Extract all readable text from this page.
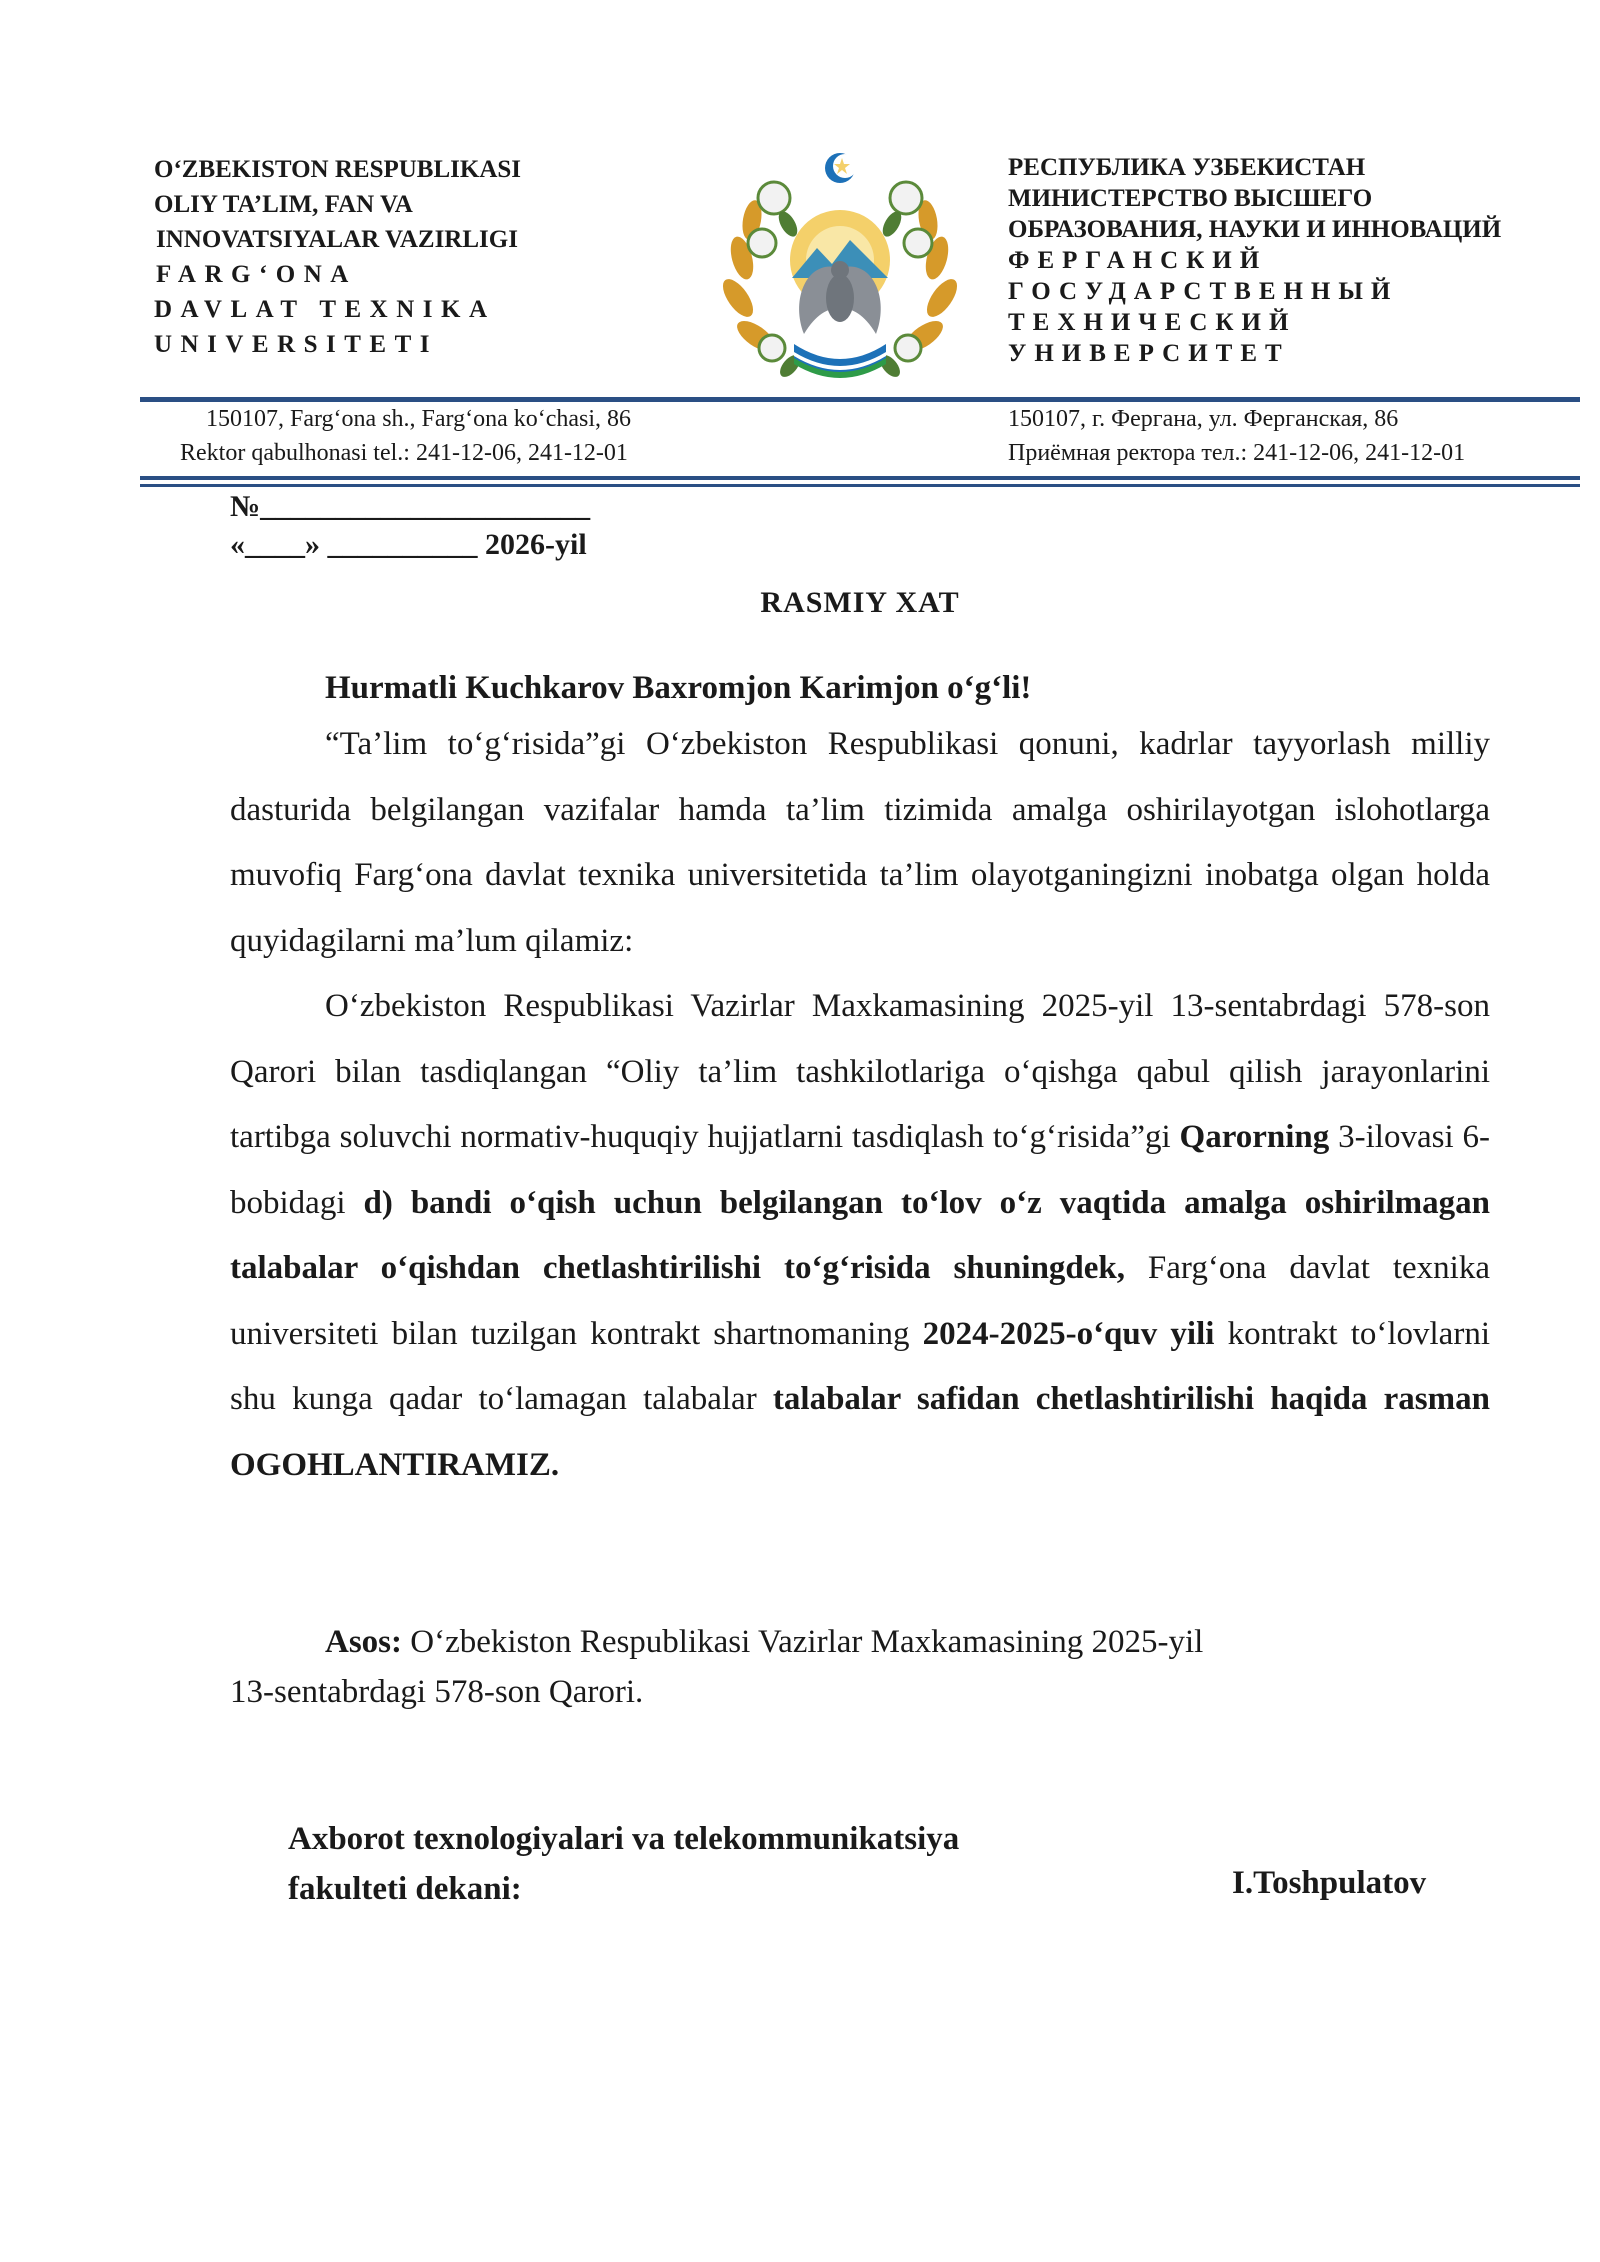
O‘ZBEKISTON RESPUBLIKASI
OLIY TA’LIM, FAN VA
INNOVATSIYALAR VAZIRLIGI
FARG‘ONA
DAVLAT TEXNIKA
UNIVERSITETI
РЕСПУБЛИКА УЗБЕКИСТАН
МИНИСТЕРСТВО ВЫСШЕГО
ОБРАЗОВАНИЯ, НАУКИ И ИННОВАЦИЙ
ФЕРГАНСКИЙ
ГОСУДАРСТВЕННЫЙ
ТЕХНИЧЕСКИЙ
УНИВЕРСИТЕТ
150107, Farg‘ona sh., Farg‘ona ko‘chasi, 86
Rektor qabulhonasi tel.: 241-12-06, 241-12-01
150107, г. Фергана, ул. Ферганская, 86
Приёмная ректора тел.: 241-12-06, 241-12-01
№______________________
«____» __________ 2026-yil
RASMIY XAT
Hurmatli Kuchkarov Baxromjon Karimjon o‘g‘li!

“Ta’lim to‘g‘risida”gi O‘zbekiston Respublikasi qonuni, kadrlar tayyorlash milliy dasturida belgilangan vazifalar hamda ta’lim tizimida amalga oshirilayotgan islohotlarga muvofiq Farg‘ona davlat texnika universitetida ta’lim olayotganingizni inobatga olgan holda quyidagilarni ma’lum qilamiz:

O‘zbekiston Respublikasi Vazirlar Maxkamasining 2025-yil 13-sentabrdagi 578-son Qarori bilan tasdiqlangan “Oliy ta’lim tashkilotlariga o‘qishga qabul qilish jarayonlarini tartibga soluvchi normativ-huquqiy hujjatlarni tasdiqlash to‘g‘risida”gi Qarorning 3-ilovasi 6-bobidagi d) bandi o‘qish uchun belgilangan to‘lov o‘z vaqtida amalga oshirilmagan talabalar o‘qishdan chetlashtirilishi to‘g‘risida shuningdek, Farg‘ona davlat texnika universiteti bilan tuzilgan kontrakt shartnomaning 2024-2025-o‘quv yili kontrakt to‘lovlarni shu kunga qadar to‘lamagan talabalar talabalar safidan chetlashtirilishi haqida rasman OGOHLANTIRAMIZ.

Asos: O‘zbekiston Respublikasi Vazirlar Maxkamasining 2025-yil
13-sentabrdagi 578-son Qarori.
Axborot texnologiyalari va telekommunikatsiya
fakulteti dekani:	I.Toshpulatov
